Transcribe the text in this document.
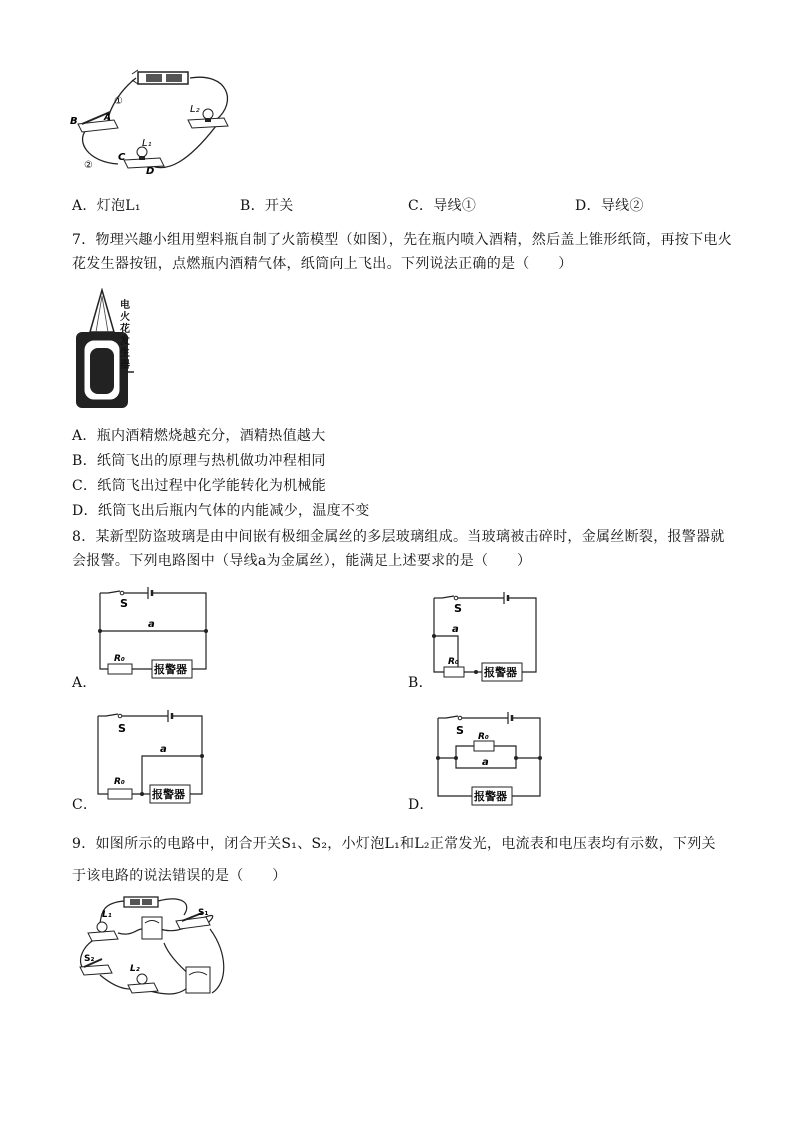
①
B	A
L₂
L₁
②
C
D
A．灯泡L₁	B．开关	C．导线①	D．导线②
7．物理兴趣小组用塑料瓶自制了火箭模型（如图），先在瓶内喷入酒精，然后盖上锥形纸筒，再按下电火
花发生器按钮，点燃瓶内酒精气体，纸筒向上飞出。下列说法正确的是（　　）
电
火
花
发
生
器
A．瓶内酒精燃烧越充分，酒精热值越大
B．纸筒飞出的原理与热机做功冲程相同
C．纸筒飞出过程中化学能转化为机械能
D．纸筒飞出后瓶内气体的内能减少，温度不变
8．某新型防盗玻璃是由中间嵌有极细金属丝的多层玻璃组成。当玻璃被击碎时，金属丝断裂，报警器就
会报警。下列电路图中（导线a为金属丝），能满足上述要求的是（　　）
S
a
R₀
报警器
A．
S
a
R₀
报警器
B．
S
a
R₀
报警器
C．
S R₀
a
报警器
D．
9．如图所示的电路中，闭合开关S₁、S₂，小灯泡L₁和L₂正常发光，电流表和电压表均有示数，下列关
于该电路的说法错误的是（　　）
S₁
L₁
S₂
L₂
